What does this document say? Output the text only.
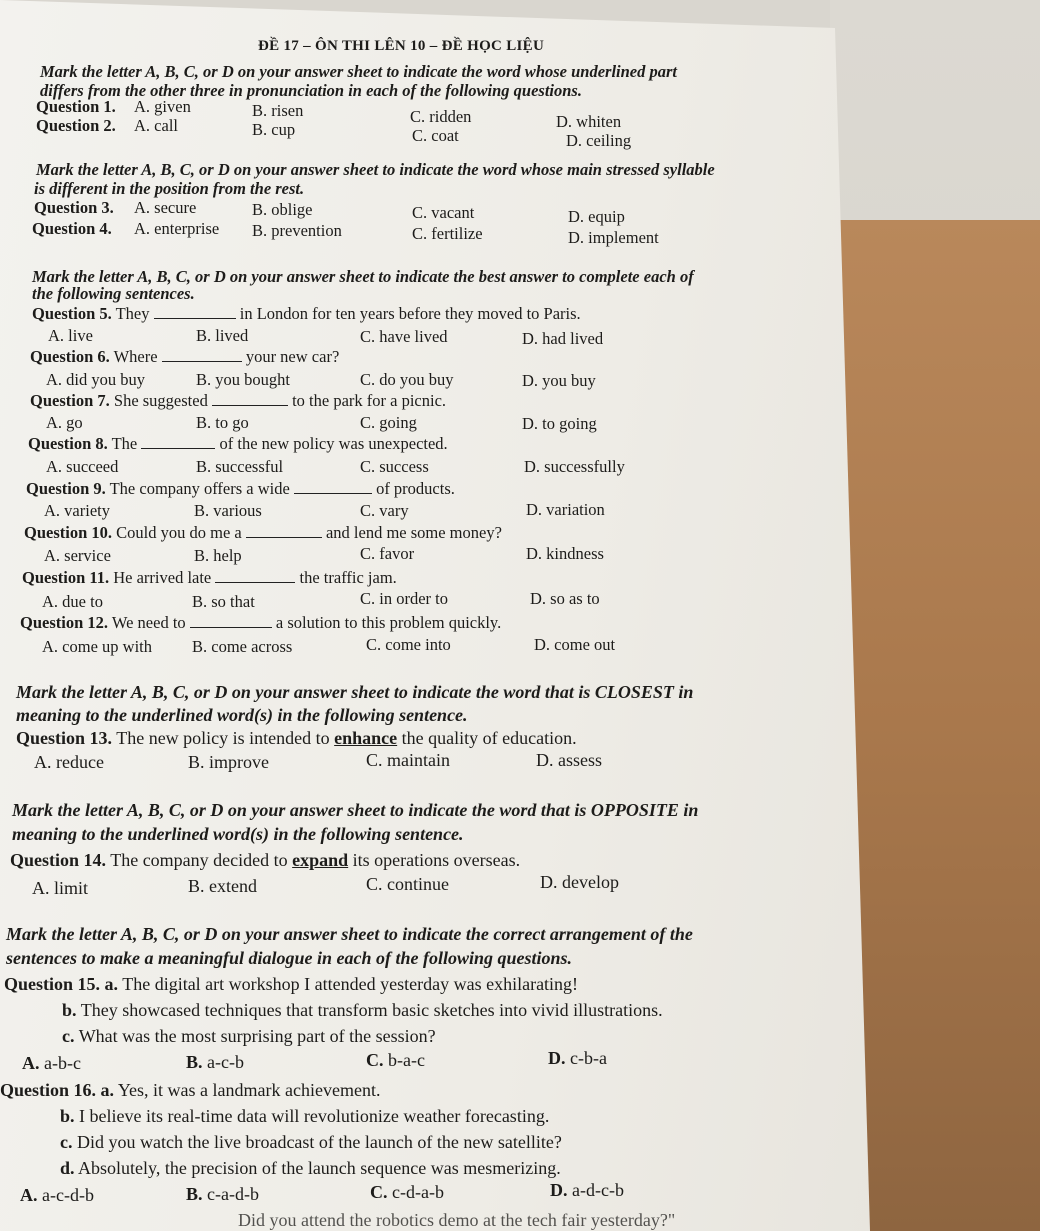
ĐỀ 17 – ÔN THI LÊN 10 – ĐỀ HỌC LIỆU
Mark the letter A, B, C, or D on your answer sheet to indicate the word whose underlined part
differs from the other three in pronunciation in each of the following questions.
Question 1. A. given	B. risen	C. ridden	D. whiten
Question 2. A. call	B. cup	C. coat	D. ceiling
Mark the letter A, B, C, or D on your answer sheet to indicate the word whose main stressed syllable
is different in the position from the rest.
Question 3. A. secure	B. oblige	C. vacant	D. equip
Question 4. A. enterprise B. prevention	C. fertilize	D. implement
Mark the letter A, B, C, or D on your answer sheet to indicate the best answer to complete each of
the following sentences.
Question 5. They	in London for ten years before they moved to Paris.
A. live	B. lived	C. have lived	D. had lived
Question 6. Where	your new car?
A. did you buy	B. you bought	C. do you buy	D. you buy
Question 7. She suggested	to the park for a picnic.
A. go	B. to go	C. going	D. to going
Question 8. The	of the new policy was unexpected.
A. succeed	B. successful	C. success	D. successfully
Question 9. The company offers a wide	of products.
A. variety	B. various	C. vary	D. variation
Question 10. Could you do me a	and lend me some money?
A. service	B. help	C. favor	D. kindness
Question 11. He arrived late	the traffic jam.
A. due to	B. so that	C. in order to	D. so as to
Question 12. We need to	a solution to this problem quickly.
A. come up with B. come across	C. come into	D. come out
Mark the letter A, B, C, or D on your answer sheet to indicate the word that is CLOSEST in
meaning to the underlined word(s) in the following sentence.
Question 13. The new policy is intended to enhance the quality of education.
A. reduce	B. improve	C. maintain	D. assess
Mark the letter A, B, C, or D on your answer sheet to indicate the word that is OPPOSITE in
meaning to the underlined word(s) in the following sentence.
Question 14. The company decided to expand its operations overseas.
A. limit	B. extend	C. continue	D. develop
Mark the letter A, B, C, or D on your answer sheet to indicate the correct arrangement of the
sentences to make a meaningful dialogue in each of the following questions.
Question 15. a. The digital art workshop I attended yesterday was exhilarating!
b. They showcased techniques that transform basic sketches into vivid illustrations.
c. What was the most surprising part of the session?
A. a-b-c	B. a-c-b	C. b-a-c	D. c-b-a
Question 16. a. Yes, it was a landmark achievement.
b. I believe its real-time data will revolutionize weather forecasting.
c. Did you watch the live broadcast of the launch of the new satellite?
d. Absolutely, the precision of the launch sequence was mesmerizing.
A. a-c-d-b	B. c-a-d-b	C. c-d-a-b	D. a-d-c-b
Did you attend the robotics demo at the tech fair yesterday?"
